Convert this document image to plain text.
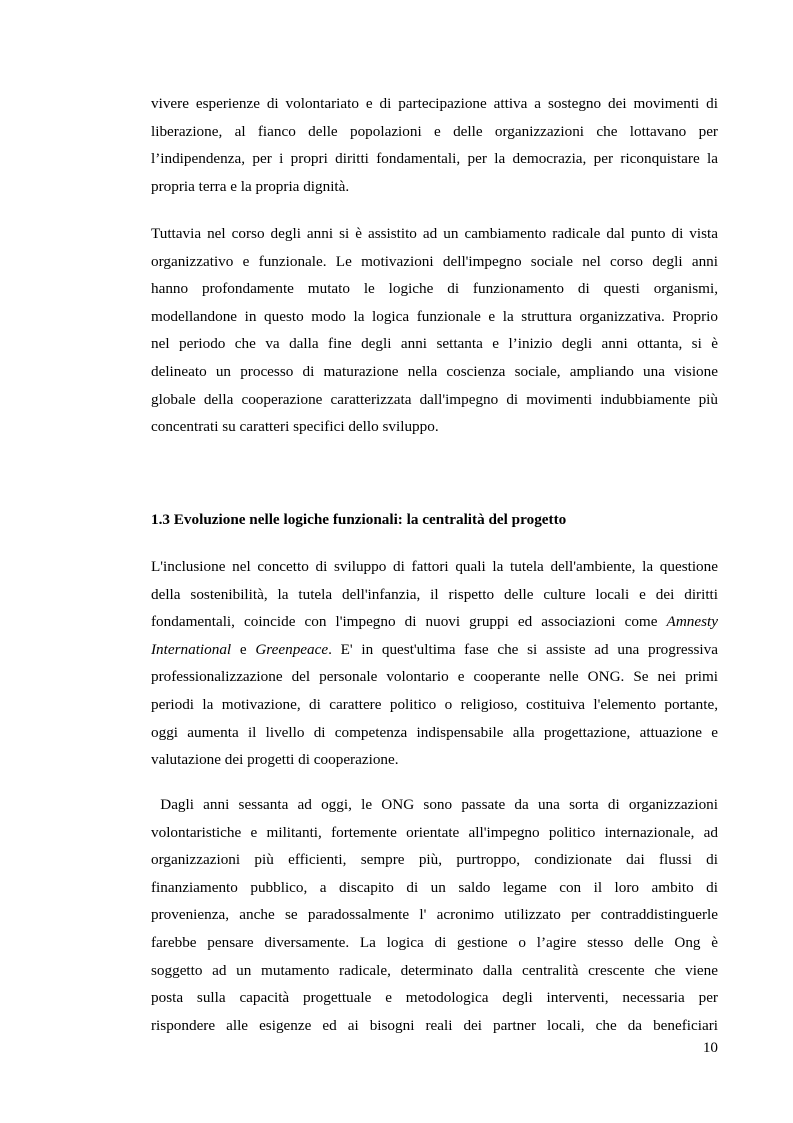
vivere esperienze di volontariato e di partecipazione attiva a sostegno dei movimenti di
liberazione, al fianco delle popolazioni e delle organizzazioni che lottavano per
l’indipendenza, per i propri diritti fondamentali, per la democrazia, per riconquistare la
propria terra e la propria dignità.
Tuttavia nel corso degli anni si è assistito ad un cambiamento radicale dal punto di vista
organizzativo e funzionale. Le motivazioni dell'impegno sociale nel corso degli anni
hanno profondamente mutato le logiche di funzionamento di questi organismi,
modellandone in questo modo la logica funzionale e la struttura organizzativa. Proprio
nel periodo che va dalla fine degli anni settanta e l’inizio degli anni ottanta, si è
delineato un processo di maturazione nella coscienza sociale, ampliando una visione
globale della cooperazione caratterizzata dall'impegno di movimenti indubbiamente più
concentrati su caratteri specifici dello sviluppo.
1.3 Evoluzione nelle logiche funzionali: la centralità del progetto
L'inclusione nel concetto di sviluppo di fattori quali la tutela dell'ambiente, la questione
della sostenibilità, la tutela dell'infanzia, il rispetto delle culture locali e dei diritti
fondamentali, coincide con l'impegno di nuovi gruppi ed associazioni come Amnesty
International e Greenpeace. E' in quest'ultima fase che si assiste ad una progressiva
professionalizzazione del personale volontario e cooperante nelle ONG. Se nei primi
periodi la motivazione, di carattere politico o religioso, costituiva l'elemento portante,
oggi aumenta il livello di competenza indispensabile alla progettazione, attuazione e
valutazione dei progetti di cooperazione.
Dagli anni sessanta ad oggi, le ONG sono passate da una sorta di organizzazioni
volontaristiche e militanti, fortemente orientate all'impegno politico internazionale, ad
organizzazioni più efficienti, sempre più, purtroppo, condizionate dai flussi di
finanziamento pubblico, a discapito di un saldo legame con il loro ambito di
provenienza, anche se paradossalmente l' acronimo utilizzato per contraddistinguerle
farebbe pensare diversamente. La logica di gestione o l’agire stesso delle Ong è
soggetto ad un mutamento radicale, determinato dalla centralità crescente che viene
posta sulla capacità progettuale e metodologica degli interventi, necessaria per
rispondere alle esigenze ed ai bisogni reali dei partner locali, che da beneficiari
10
